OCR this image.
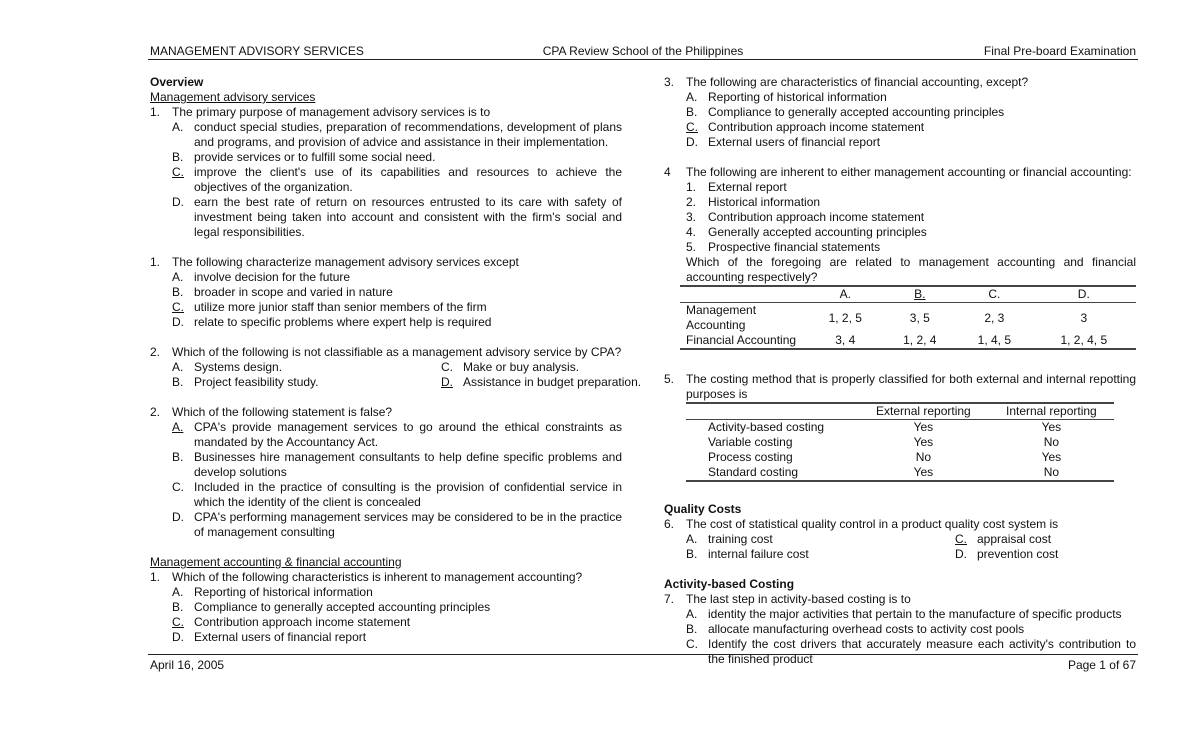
MANAGEMENT ADVISORY SERVICES	CPA Review School of the Philippines	Final Pre-board Examination
Overview
Management advisory services
1. The primary purpose of management advisory services is to
A. conduct special studies, preparation of recommendations, development of plans and programs, and provision of advice and assistance in their implementation.
B. provide services or to fulfill some social need.
C. improve the client's use of its capabilities and resources to achieve the objectives of the organization.
D. earn the best rate of return on resources entrusted to its care with safety of investment being taken into account and consistent with the firm's social and legal responsibilities.
1. The following characterize management advisory services except
A. involve decision for the future
B. broader in scope and varied in nature
C. utilize more junior staff than senior members of the firm
D. relate to specific problems where expert help is required
2. Which of the following is not classifiable as a management advisory service by CPA?
A. Systems design.	C. Make or buy analysis.
B. Project feasibility study.	D. Assistance in budget preparation.
2. Which of the following statement is false?
A. CPA's provide management services to go around the ethical constraints as mandated by the Accountancy Act.
B. Businesses hire management consultants to help define specific problems and develop solutions
C. Included in the practice of consulting is the provision of confidential service in which the identity of the client is concealed
D. CPA's performing management services may be considered to be in the practice of management consulting
Management accounting & financial accounting
1. Which of the following characteristics is inherent to management accounting?
A. Reporting of historical information
B. Compliance to generally accepted accounting principles
C. Contribution approach income statement
D. External users of financial report
3. The following are characteristics of financial accounting, except?
A. Reporting of historical information
B. Compliance to generally accepted accounting principles
C. Contribution approach income statement
D. External users of financial report
4 The following are inherent to either management accounting or financial accounting:
1. External report
2. Historical information
3. Contribution approach income statement
4. Generally accepted accounting principles
5. Prospective financial statements
Which of the foregoing are related to management accounting and financial accounting respectively?
	A.	B.	C.	D.
Management Accounting	1, 2, 5	3, 5	2, 3	3
Financial Accounting	3, 4	1, 2, 4	1, 4, 5	1, 2, 4, 5
5. The costing method that is properly classified for both external and internal repotting purposes is
	External reporting	Internal reporting
Activity-based costing	Yes	Yes
Variable costing	Yes	No
Process costing	No	Yes
Standard costing	Yes	No
Quality Costs
6. The cost of statistical quality control in a product quality cost system is
A. training cost	C. appraisal cost
B. internal failure cost	D. prevention cost
Activity-based Costing
7. The last step in activity-based costing is to
A. identity the major activities that pertain to the manufacture of specific products
B. allocate manufacturing overhead costs to activity cost pools
C. Identify the cost drivers that accurately measure each activity's contribution to the finished product
April 16, 2005	Page 1 of 67
